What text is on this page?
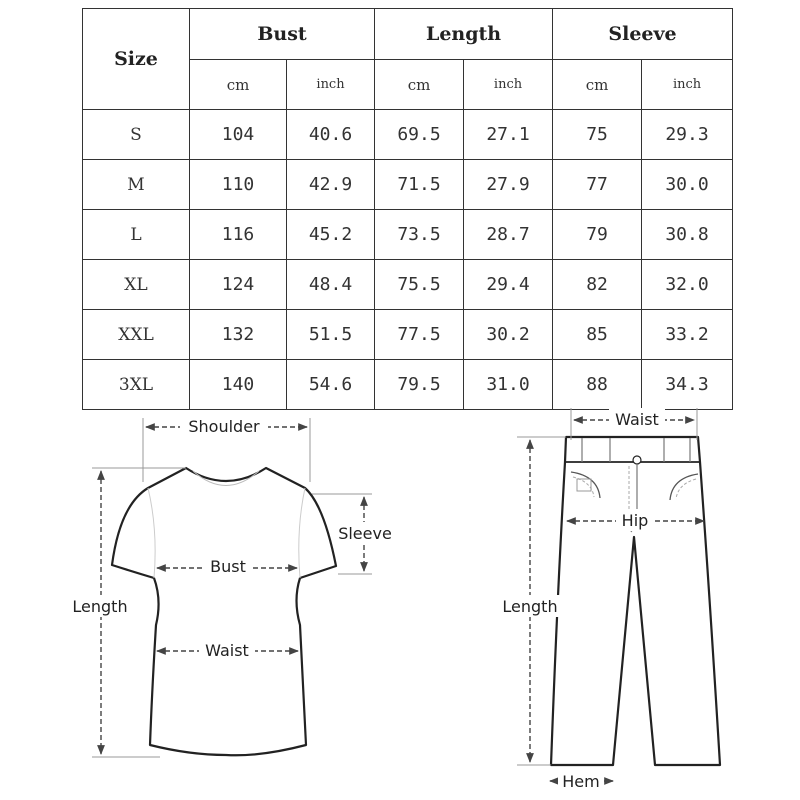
Size	Bust		Length		Sleeve	
	cm	inch	cm	inch	cm	inch
S	104	40.6	69.5	27.1	75	29.3
M	110	42.9	71.5	27.9	77	30.0
L	116	45.2	73.5	28.7	79	30.8
XL	124	48.4	75.5	29.4	82	32.0
XXL	132	51.5	77.5	30.2	85	33.2
3XL	140	54.6	79.5	31.0	88	34.3
Shoulder
Sleeve
Bust
Waist
Length
Waist
Hip
Length
Hem
